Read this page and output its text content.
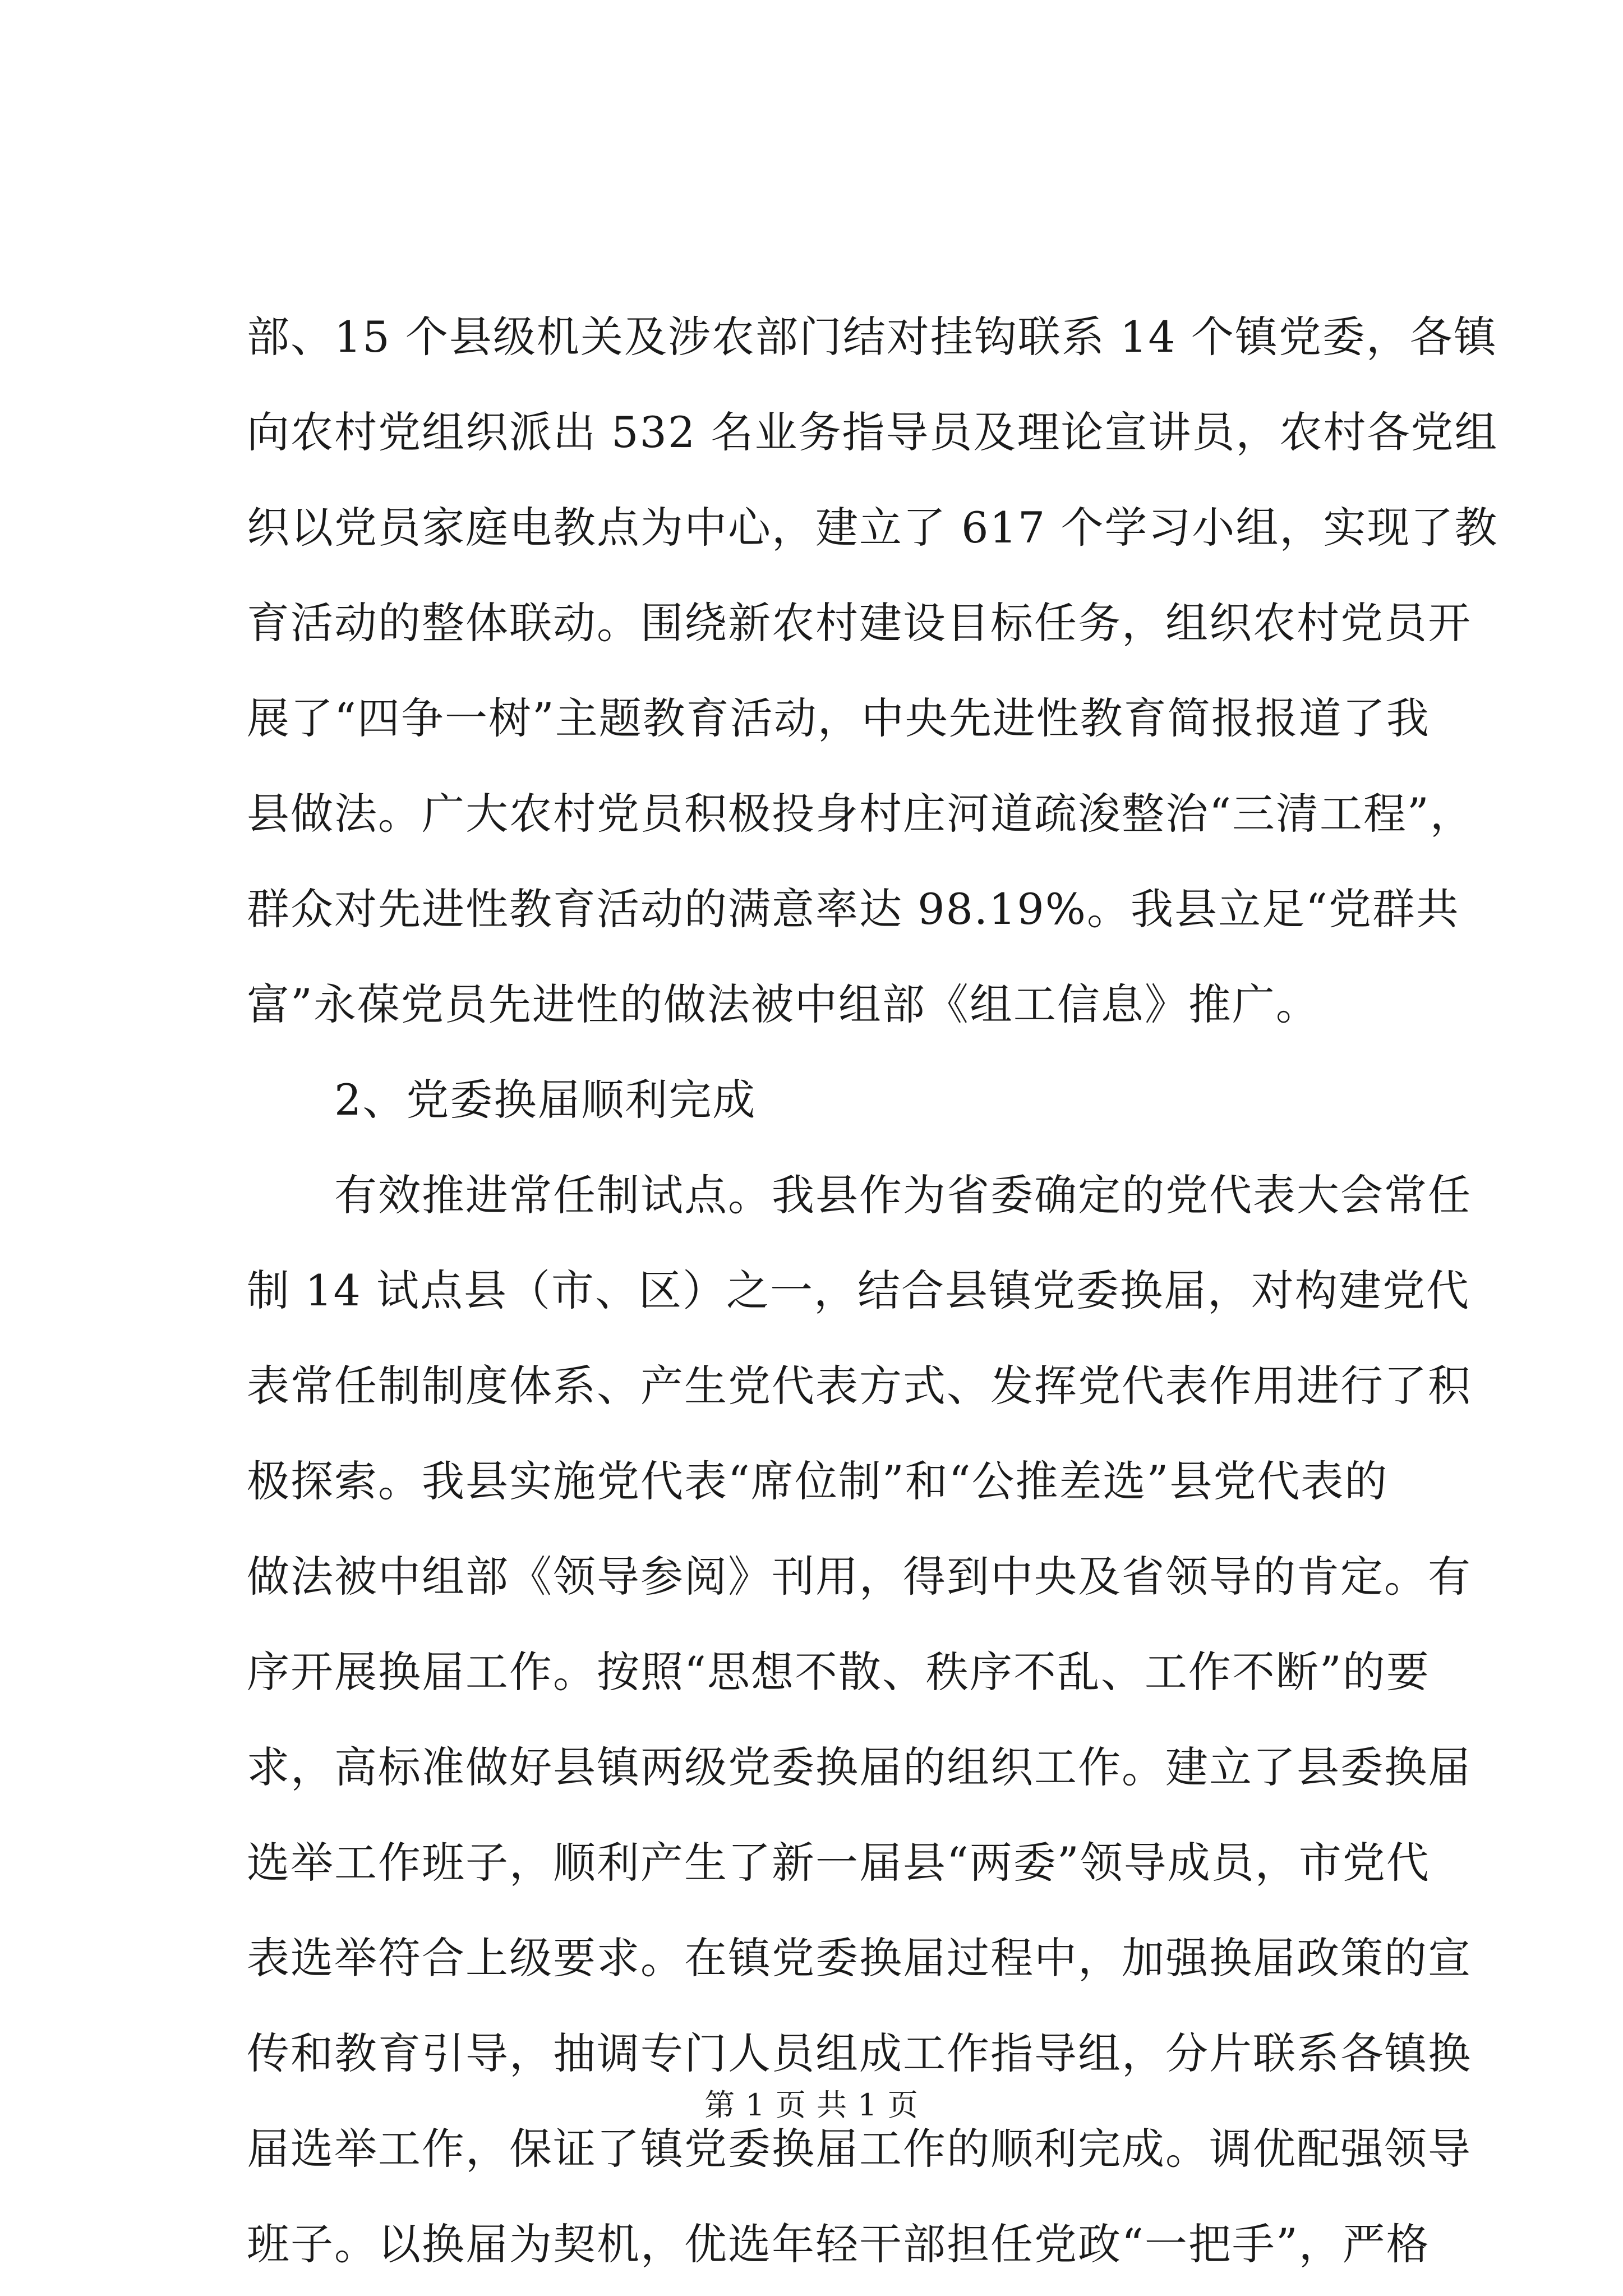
部、15 个县级机关及涉农部门结对挂钩联系 14 个镇党委，各镇
向农村党组织派出 532 名业务指导员及理论宣讲员，农村各党组
织以党员家庭电教点为中心，建立了 617 个学习小组，实现了教
育活动的整体联动。围绕新农村建设目标任务，组织农村党员开
展了“四争一树”主题教育活动，中央先进性教育简报报道了我
县做法。广大农村党员积极投身村庄河道疏浚整治“三清工程”，
群众对先进性教育活动的满意率达 98.19%。我县立足“党群共
富”永葆党员先进性的做法被中组部《组工信息》推广。
2、党委换届顺利完成
有效推进常任制试点。我县作为省委确定的党代表大会常任
制 14 试点县（市、区）之一，结合县镇党委换届，对构建党代
表常任制制度体系、产生党代表方式、发挥党代表作用进行了积
极探索。我县实施党代表“席位制”和“公推差选”县党代表的
做法被中组部《领导参阅》刊用，得到中央及省领导的肯定。有
序开展换届工作。按照“思想不散、秩序不乱、工作不断”的要
求，高标准做好县镇两级党委换届的组织工作。建立了县委换届
选举工作班子，顺利产生了新一届县“两委”领导成员，市党代
表选举符合上级要求。在镇党委换届过程中，加强换届政策的宣
传和教育引导，抽调专门人员组成工作指导组，分片联系各镇换
届选举工作，保证了镇党委换届工作的顺利完成。调优配强领导
班子。以换届为契机，优选年轻干部担任党政“一把手”，严格
第 1 页 共 1 页
